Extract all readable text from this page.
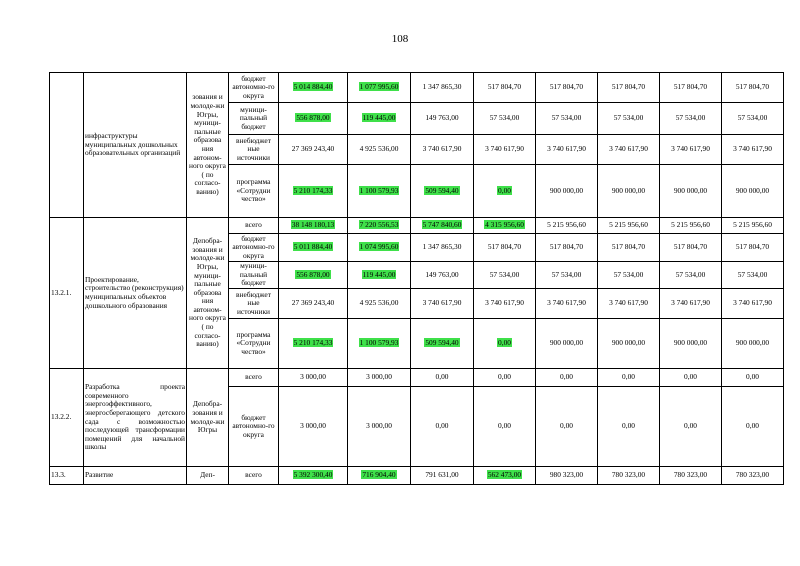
108
	инфраструктуры муниципальных дошкольных образовательных организаций	зования и молоде-жи Югры, муници-пальные образова ния автоном-ного округа ( по согласо-ванию)	бюджет автономно-го округа	5 014 884,40	1 077 995,60	1 347 865,30	517 804,70	517 804,70	517 804,70	517 804,70	517 804,70	
			муници-пальный бюджет	556 878,00	119 445,00	149 763,00	57 534,00	57 534,00	57 534,00	57 534,00	57 534,00	
			внебюджет ные источники	27 369 243,40	4 925 536,00	3 740 617,90	3 740 617,90	3 740 617,90	3 740 617,90	3 740 617,90	3 740 617,90	
			программа «Сотрудни чество»	5 210 174,33	1 100 579,93	509 594,40	0,00	900 000,00	900 000,00	900 000,00	900 000,00	
13.2.1.	Проектирование, строительство (реконструкция) муниципальных объектов дошкольного образования	Депобра-зования и молоде-жи Югры, муници-пальные образова ния автоном-ного округа ( по согласо-ванию)	всего	38 148 180,13	7 220 556,53	5 747 840,60	4 315 956,60	5 215 956,60	5 215 956,60	5 215 956,60	5 215 956,60	
			бюджет автономно-го округа	5 011 884,40	1 074 995,60	1 347 865,30	517 804,70	517 804,70	517 804,70	517 804,70	517 804,70	
			муници-пальный бюджет	556 878,00	119 445,00	149 763,00	57 534,00	57 534,00	57 534,00	57 534,00	57 534,00	
			внебюджет ные источники	27 369 243,40	4 925 536,00	3 740 617,90	3 740 617,90	3 740 617,90	3 740 617,90	3 740 617,90	3 740 617,90	
			программа «Сотрудни чество»	5 210 174,33	1 100 579,93	509 594,40	0,00	900 000,00	900 000,00	900 000,00	900 000,00	
13.2.2.	Разработка проекта современного энергоэффективного, энергосберегающего детского сада с возможностью последующей трансформации помещений для начальной школы	Депобра-зования и молоде-жи Югры	всего	3 000,00	3 000,00	0,00	0,00	0,00	0,00	0,00	0,00	
			бюджет автономно-го округа	3 000,00	3 000,00	0,00	0,00	0,00	0,00	0,00	0,00	
13.3.	Развитие	Деп-	всего	5 392 300,40	716 904,40	791 631,00	562 473,00	980 323,00	780 323,00	780 323,00	780 323,00	
